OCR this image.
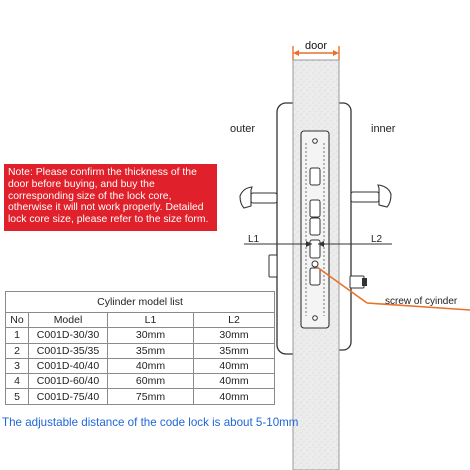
door
outer	inner
L1	L2
screw of cyinder
Note: Please confirm the thickness of the door before buying, and buy the corresponding size of the lock core, otherwise it will not work properly. Detailed lock core size, please refer to the size form.
Cylinder model list			
No	Model	L1	L2
1	C001D-30/30	30mm	30mm
2	C001D-35/35	35mm	35mm
3	C001D-40/40	40mm	40mm
4	C001D-60/40	60mm	40mm
5	C001D-75/40	75mm	40mm
The adjustable distance of the code lock is about 5-10mm
